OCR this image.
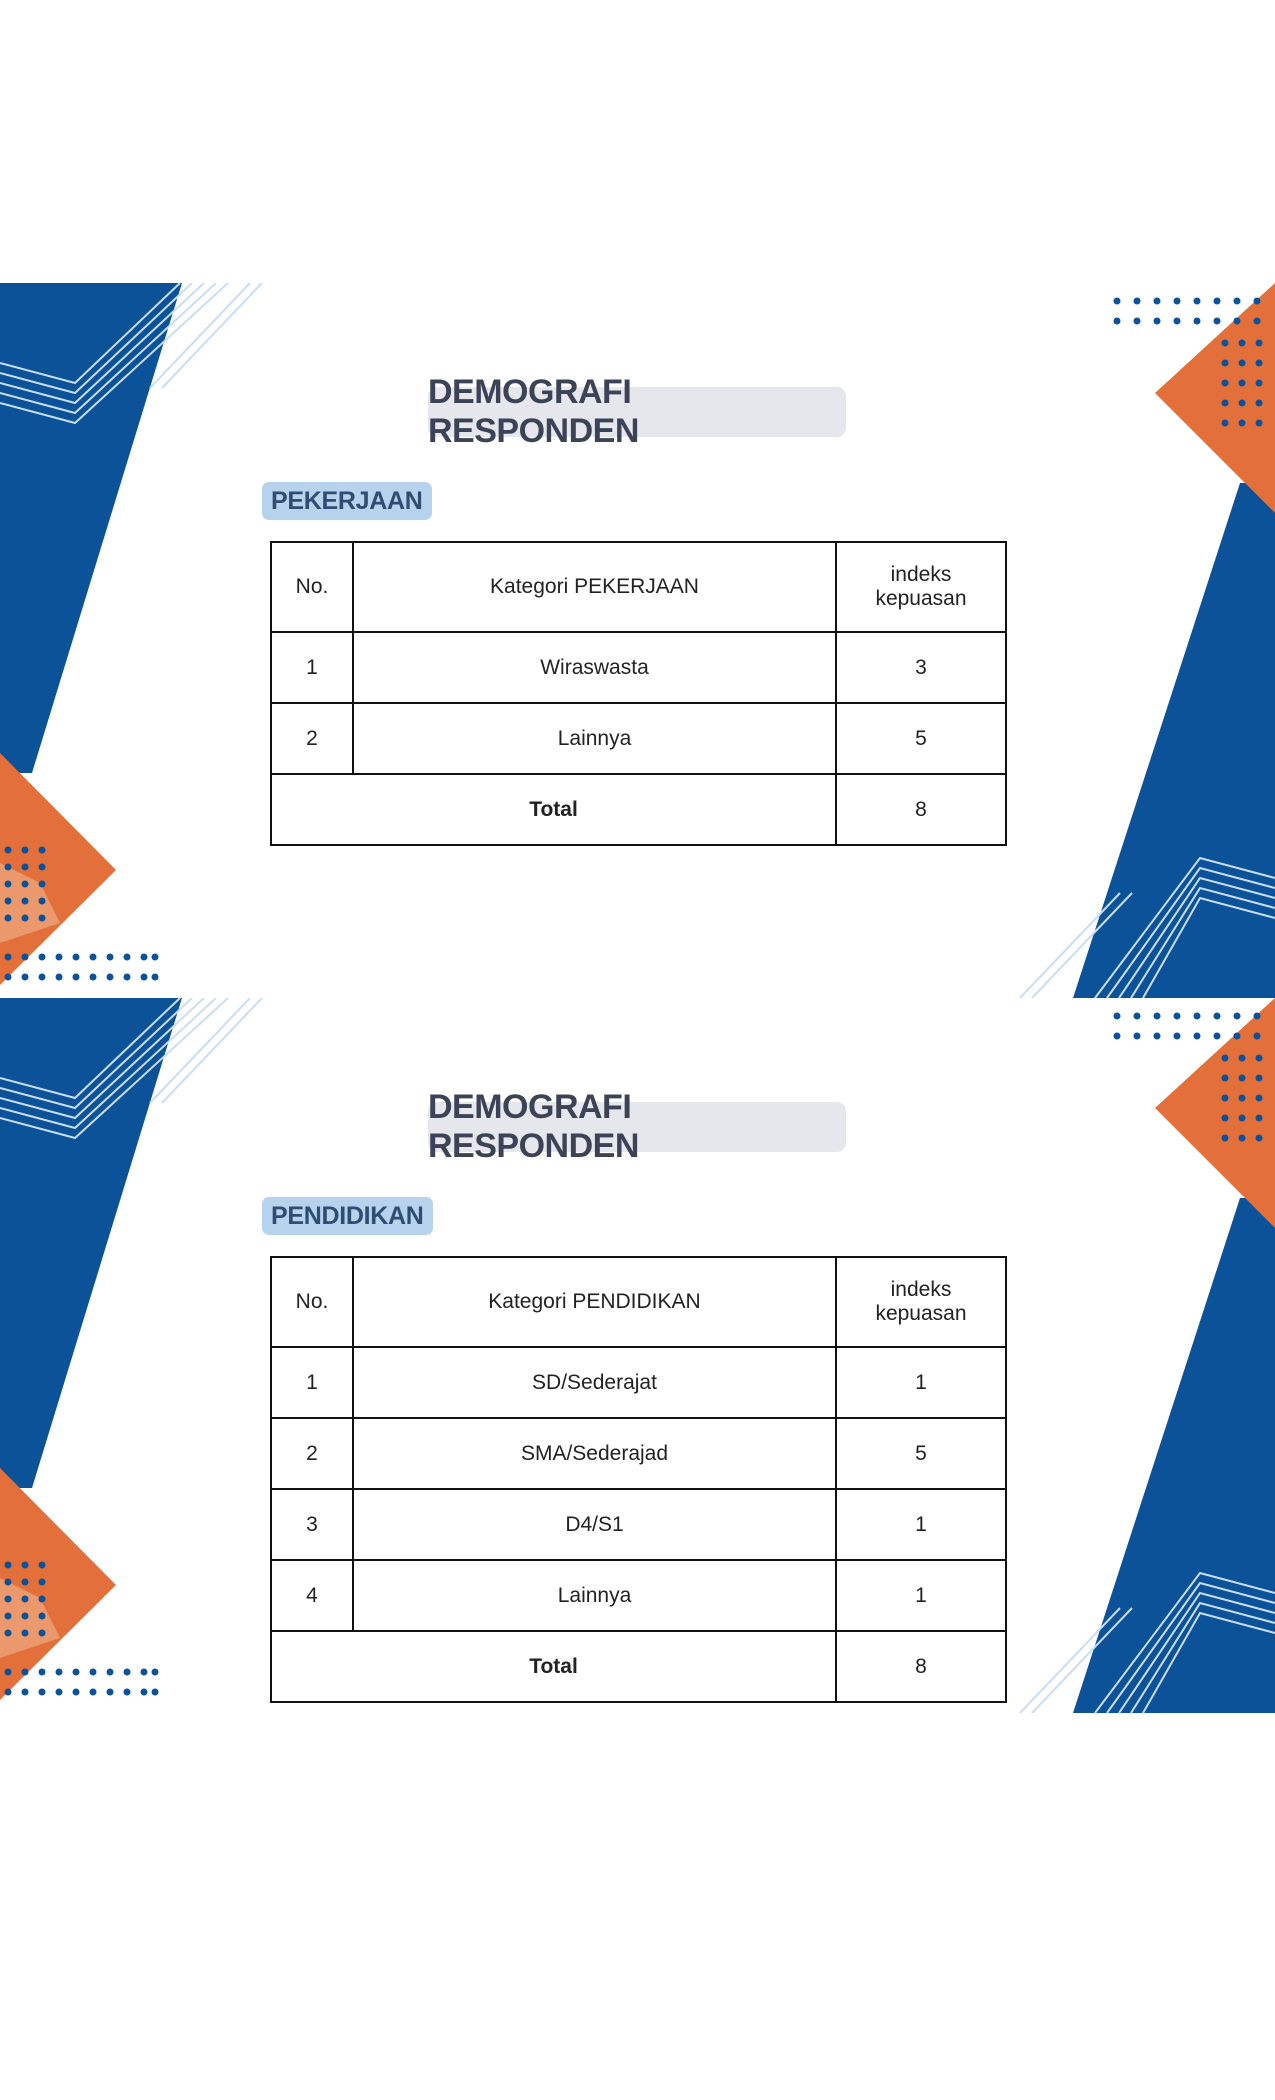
DEMOGRAFI RESPONDEN
PEKERJAAN
No.	Kategori PEKERJAAN	indeks kepuasan
1	Wiraswasta	3
2	Lainnya	5
Total		8
DEMOGRAFI RESPONDEN
PENDIDIKAN
No.	Kategori PENDIDIKAN	indeks kepuasan
1	SD/Sederajat	1
2	SMA/Sederajad	5
3	D4/S1	1
4	Lainnya	1
Total		8
